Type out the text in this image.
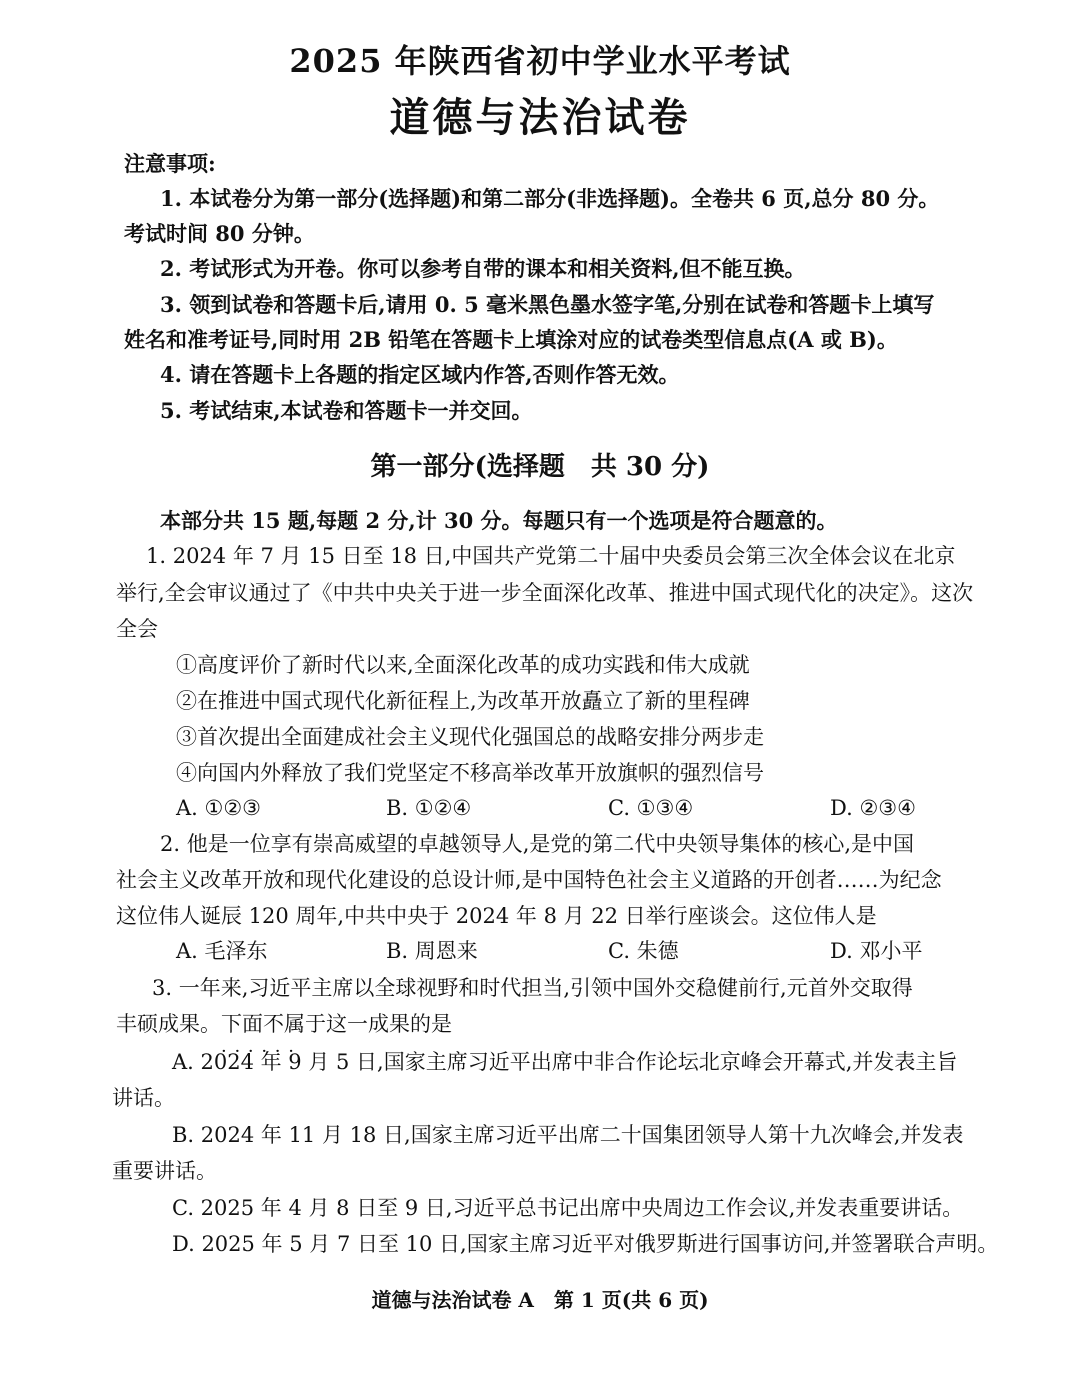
2025 年陕西省初中学业水平考试
道德与法治试卷
注意事项:
1. 本试卷分为第一部分(选择题)和第二部分(非选择题)。全卷共 6 页,总分 80 分。
考试时间 80 分钟。
2. 考试形式为开卷。你可以参考自带的课本和相关资料,但不能互换。
3. 领到试卷和答题卡后,请用 0. 5 毫米黑色墨水签字笔,分别在试卷和答题卡上填写
姓名和准考证号,同时用 2B 铅笔在答题卡上填涂对应的试卷类型信息点(A 或 B)。
4. 请在答题卡上各题的指定区域内作答,否则作答无效。
5. 考试结束,本试卷和答题卡一并交回。
第一部分(选择题　共 30 分)
本部分共 15 题,每题 2 分,计 30 分。每题只有一个选项是符合题意的。
1. 2024 年 7 月 15 日至 18 日,中国共产党第二十届中央委员会第三次全体会议在北京
举行,全会审议通过了《中共中央关于进一步全面深化改革、推进中国式现代化的决定》。这次
全会
①高度评价了新时代以来,全面深化改革的成功实践和伟大成就
②在推进中国式现代化新征程上,为改革开放矗立了新的里程碑
③首次提出全面建成社会主义现代化强国总的战略安排分两步走
④向国内外释放了我们党坚定不移高举改革开放旗帜的强烈信号
A. ①②③	B. ①②④	C. ①③④	D. ②③④
2. 他是一位享有崇高威望的卓越领导人,是党的第二代中央领导集体的核心,是中国
社会主义改革开放和现代化建设的总设计师,是中国特色社会主义道路的开创者……为纪念
这位伟人诞辰 120 周年,中共中央于 2024 年 8 月 22 日举行座谈会。这位伟人是
A. 毛泽东	B. 周恩来	C. 朱德	D. 邓小平
3. 一年来,习近平主席以全球视野和时代担当,引领中国外交稳健前行,元首外交取得
丰硕成果。下面不属于 · · ·这一成果的是
A. 2024 年 9 月 5 日,国家主席习近平出席中非合作论坛北京峰会开幕式,并发表主旨
讲话。
B. 2024 年 11 月 18 日,国家主席习近平出席二十国集团领导人第十九次峰会,并发表
重要讲话。
C. 2025 年 4 月 8 日至 9 日,习近平总书记出席中央周边工作会议,并发表重要讲话。
D. 2025 年 5 月 7 日至 10 日,国家主席习近平对俄罗斯进行国事访问,并签署联合声明。
道德与法治试卷 A　第 1 页(共 6 页)
